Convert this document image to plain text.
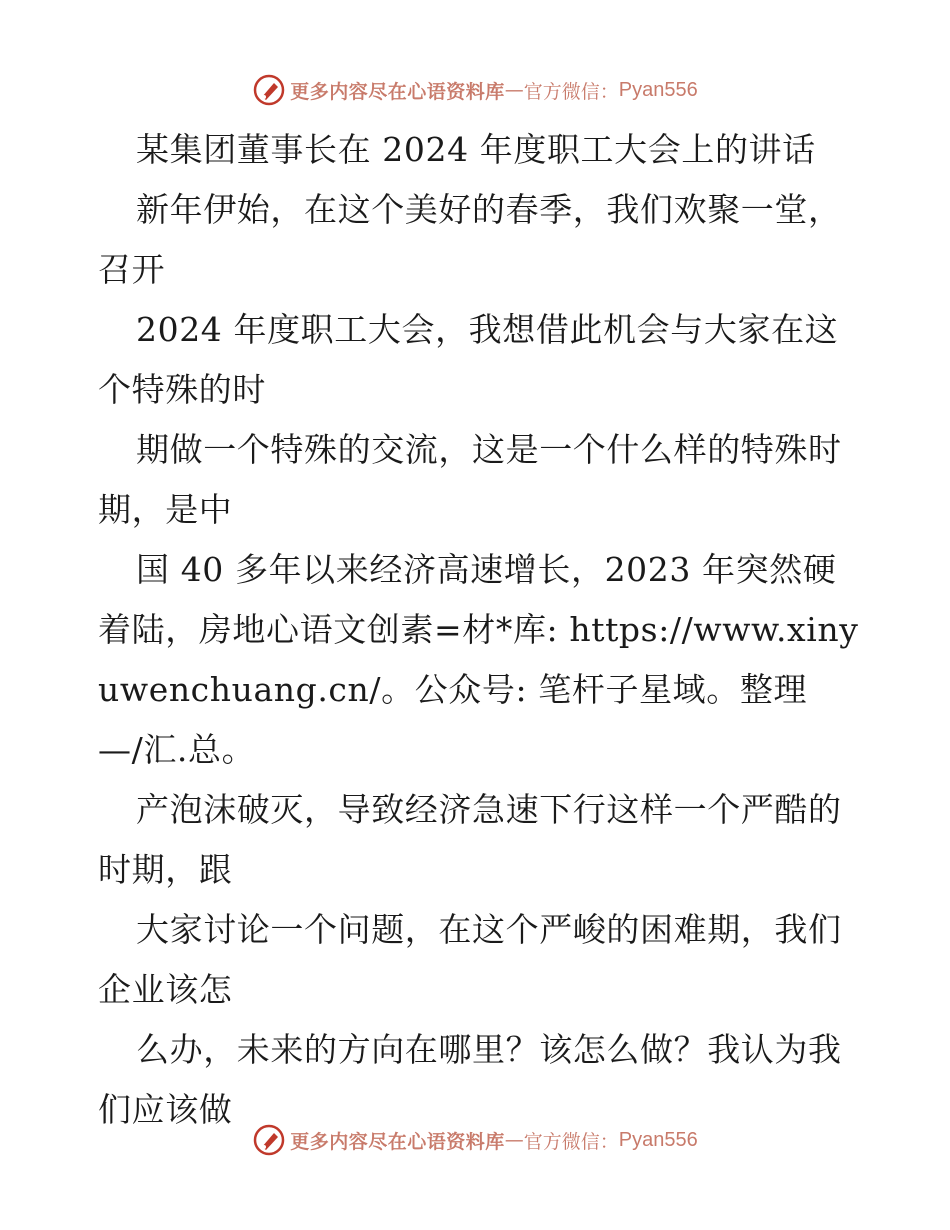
更多内容尽在心语资料库 — 官方微信： Pyan556
某集团董事长在 2024 年度职工大会上的讲话
新年伊始，在这个美好的春季，我们欢聚一堂，
召开
2024 年度职工大会，我想借此机会与大家在这
个特殊的时
期做一个特殊的交流，这是一个什么样的特殊时
期，是中
国 40 多年以来经济高速增长，2023 年突然硬
着陆，房地心语文创素=材*库: https://www.xiny
uwenchuang.cn/。公众号: 笔杆子星域。整理
—/汇.总。
产泡沫破灭，导致经济急速下行这样一个严酷的
时期，跟
大家讨论一个问题，在这个严峻的困难期，我们
企业该怎
么办，未来的方向在哪里？该怎么做？我认为我
们应该做
更多内容尽在心语资料库 — 官方微信： Pyan556
